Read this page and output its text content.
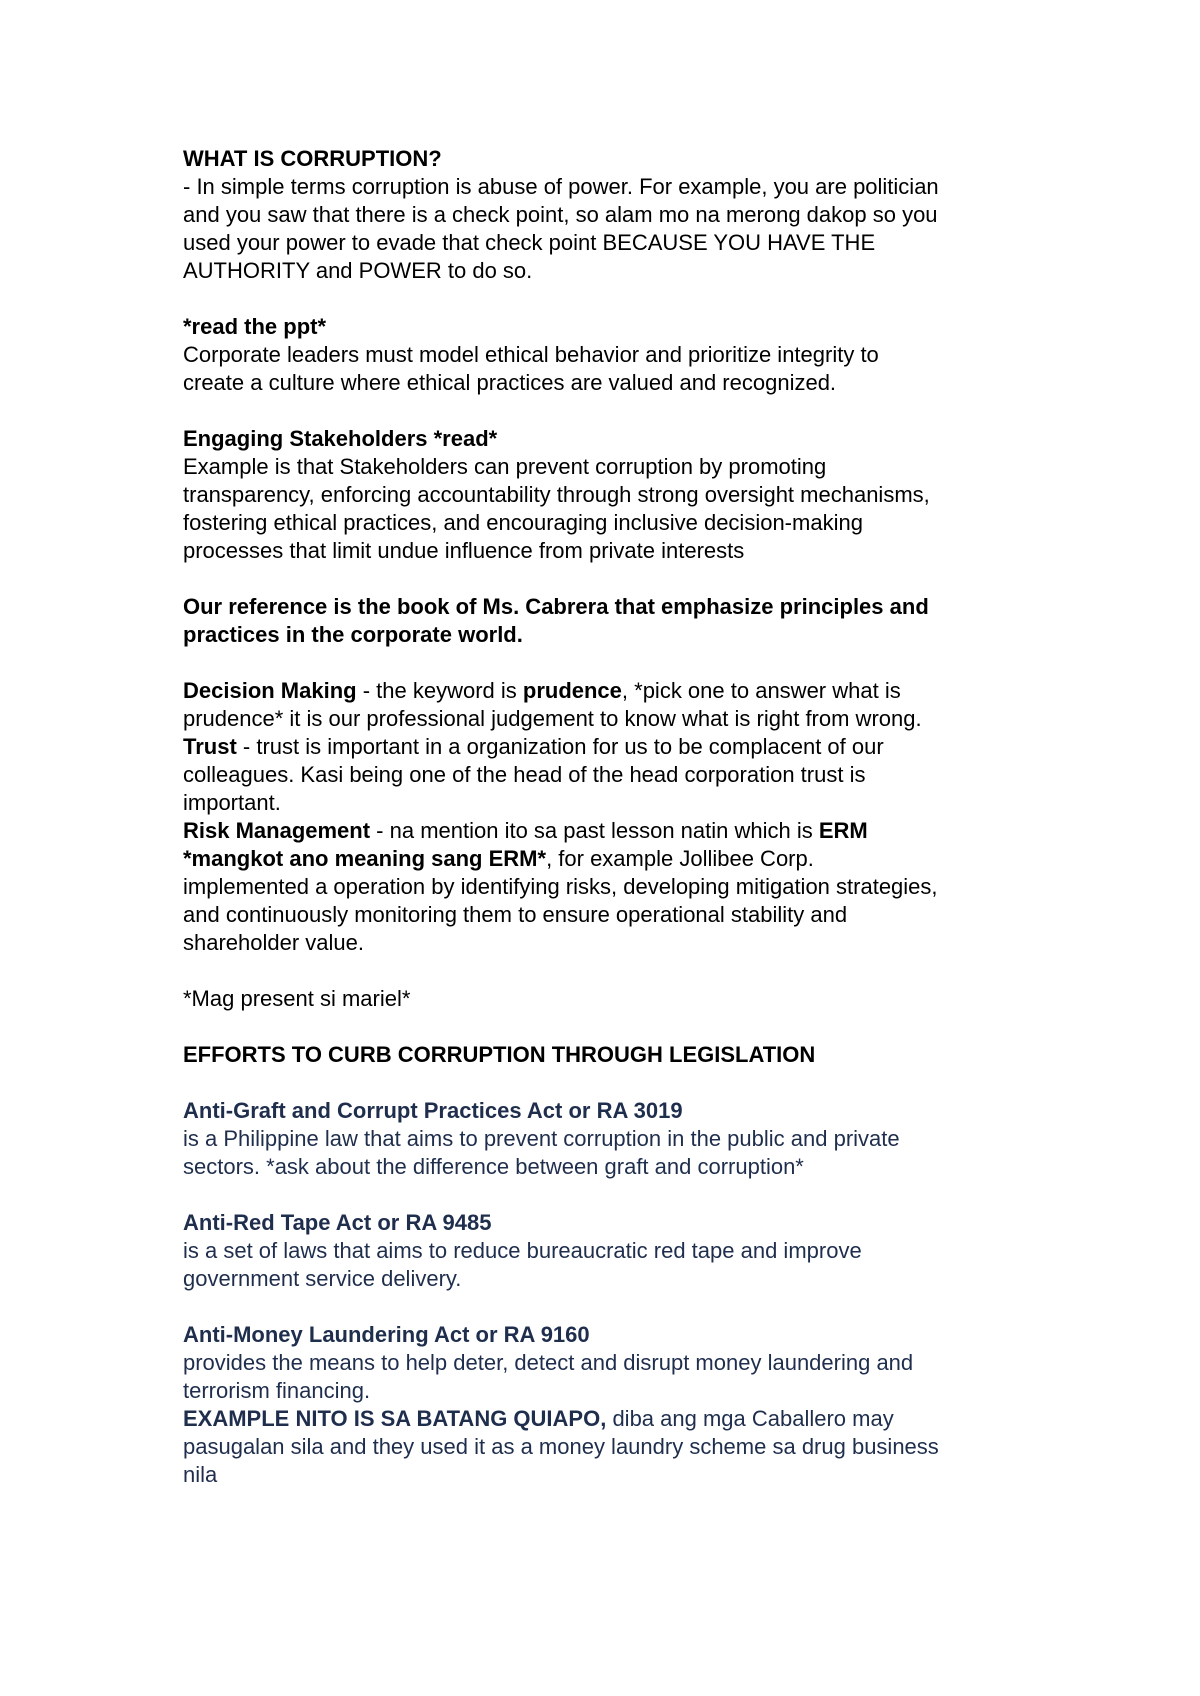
WHAT IS CORRUPTION?
- In simple terms corruption is abuse of power. For example, you are politician
and you saw that there is a check point, so alam mo na merong dakop so you
used your power to evade that check point BECAUSE YOU HAVE THE
AUTHORITY and POWER to do so.
*read the ppt*
Corporate leaders must model ethical behavior and prioritize integrity to
create a culture where ethical practices are valued and recognized.
Engaging Stakeholders *read*
Example is that Stakeholders can prevent corruption by promoting
transparency, enforcing accountability through strong oversight mechanisms,
fostering ethical practices, and encouraging inclusive decision-making
processes that limit undue influence from private interests
Our reference is the book of Ms. Cabrera that emphasize principles and
practices in the corporate world.
Decision Making - the keyword is prudence, *pick one to answer what is
prudence* it is our professional judgement to know what is right from wrong.
Trust - trust is important in a organization for us to be complacent of our
colleagues. Kasi being one of the head of the head corporation trust is
important.
Risk Management - na mention ito sa past lesson natin which is ERM
*mangkot ano meaning sang ERM*, for example Jollibee Corp.
implemented a operation by identifying risks, developing mitigation strategies,
and continuously monitoring them to ensure operational stability and
shareholder value.
*Mag present si mariel*
EFFORTS TO CURB CORRUPTION THROUGH LEGISLATION
Anti-Graft and Corrupt Practices Act or RA 3019
is a Philippine law that aims to prevent corruption in the public and private
sectors. *ask about the difference between graft and corruption*
Anti-Red Tape Act or RA 9485
is a set of laws that aims to reduce bureaucratic red tape and improve
government service delivery.
Anti-Money Laundering Act or RA 9160
provides the means to help deter, detect and disrupt money laundering and
terrorism financing.
EXAMPLE NITO IS SA BATANG QUIAPO, diba ang mga Caballero may
pasugalan sila and they used it as a money laundry scheme sa drug business
nila
